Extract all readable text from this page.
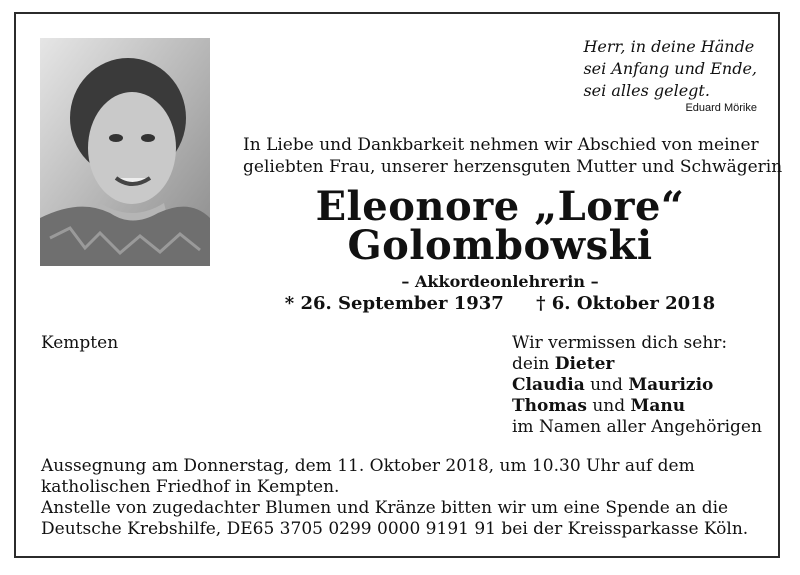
Herr, in deine Hände
sei Anfang und Ende,
sei alles gelegt.
Eduard Mörike
In Liebe und Dankbarkeit nehmen wir Abschied von meiner
geliebten Frau, unserer herzensguten Mutter und Schwägerin
Eleonore „Lore“
Golombowski
– Akkordeonlehrerin –
* 26. September 1937 † 6. Oktober 2018
Kempten	Wir vermissen dich sehr:
dein Dieter
Claudia und Maurizio
Thomas und Manu
im Namen aller Angehörigen

Aussegnung am Donnerstag, dem 11. Oktober 2018, um 10.30 Uhr auf dem katholischen Friedhof in Kempten.

Anstelle von zugedachter Blumen und Kränze bitten wir um eine Spende an die Deutsche Krebshilfe, DE65 3705 0299 0000 9191 91 bei der Kreissparkasse Köln.
